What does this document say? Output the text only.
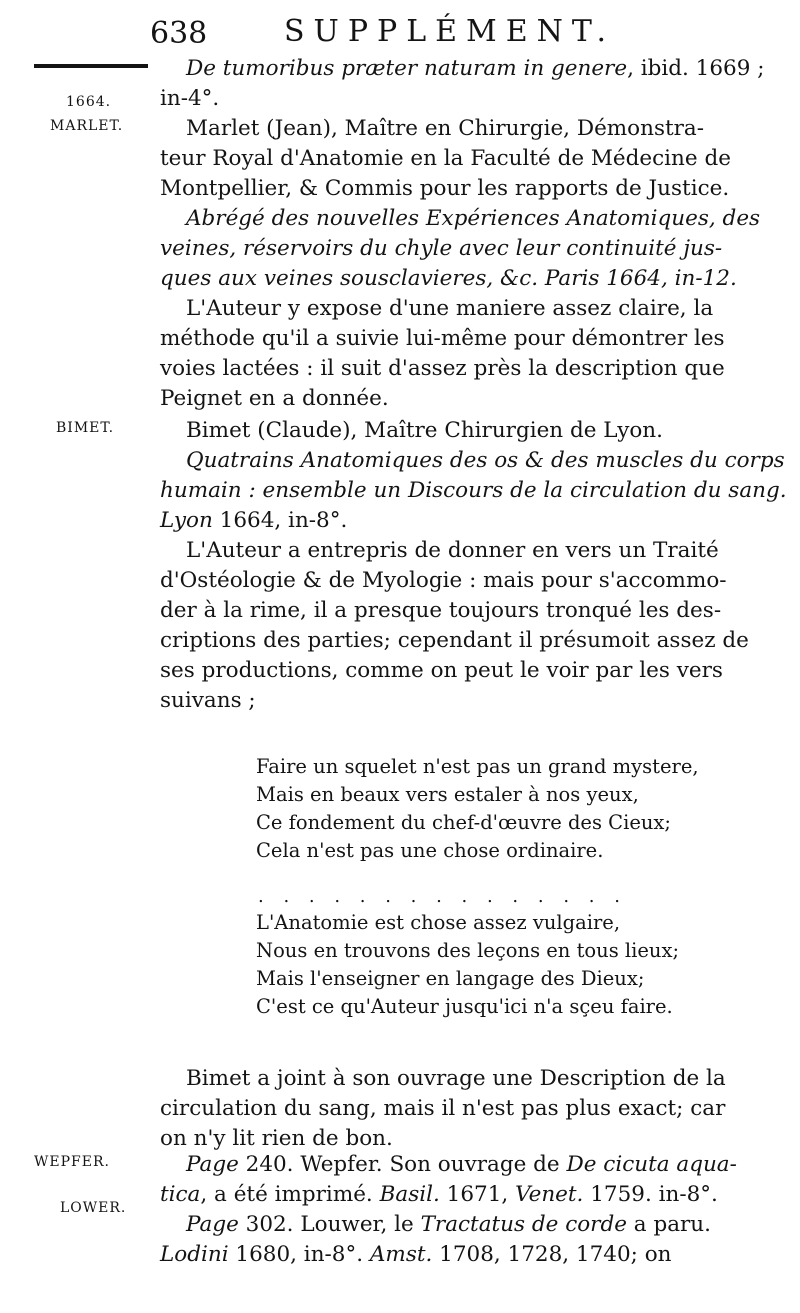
638	SUPPLÉMENT.
1664.
MARLET.
BIMET.
WEPFER.
LOWER.
De tumoribus præter naturam in genere, ibid. 1669 ;
in-4°.
Marlet (Jean), Maître en Chirurgie, Démonstra-
teur Royal d'Anatomie en la Faculté de Médecine de
Montpellier, & Commis pour les rapports de Justice.
Abrégé des nouvelles Expériences Anatomiques, des
veines, réservoirs du chyle avec leur continuité jus-
ques aux veines sousclavieres, &c. Paris 1664, in-12.
L'Auteur y expose d'une maniere assez claire, la
méthode qu'il a suivie lui-même pour démontrer les
voies lactées : il suit d'assez près la description que
Peignet en a donnée.
Bimet (Claude), Maître Chirurgien de Lyon.
Quatrains Anatomiques des os & des muscles du corps
humain : ensemble un Discours de la circulation du sang.
Lyon 1664, in-8°.
L'Auteur a entrepris de donner en vers un Traité
d'Ostéologie & de Myologie : mais pour s'accommo-
der à la rime, il a presque toujours tronqué les des-
criptions des parties; cependant il présumoit assez de
ses productions, comme on peut le voir par les vers
suivans ;
Faire un squelet n'est pas un grand mystere,
Mais en beaux vers estaler à nos yeux,
Ce fondement du chef-d'œuvre des Cieux;
Cela n'est pas une chose ordinaire.
. . . . . . . . . . . . . . .
L'Anatomie est chose assez vulgaire,
Nous en trouvons des leçons en tous lieux;
Mais l'enseigner en langage des Dieux;
C'est ce qu'Auteur jusqu'ici n'a sçeu faire.
Bimet a joint à son ouvrage une Description de la
circulation du sang, mais il n'est pas plus exact; car
on n'y lit rien de bon.
Page 240. Wepfer. Son ouvrage de De cicuta aqua-
tica, a été imprimé. Basil. 1671, Venet. 1759. in-8°.
Page 302. Louwer, le Tractatus de corde a paru.
Lodini 1680, in-8°. Amst. 1708, 1728, 1740; on
